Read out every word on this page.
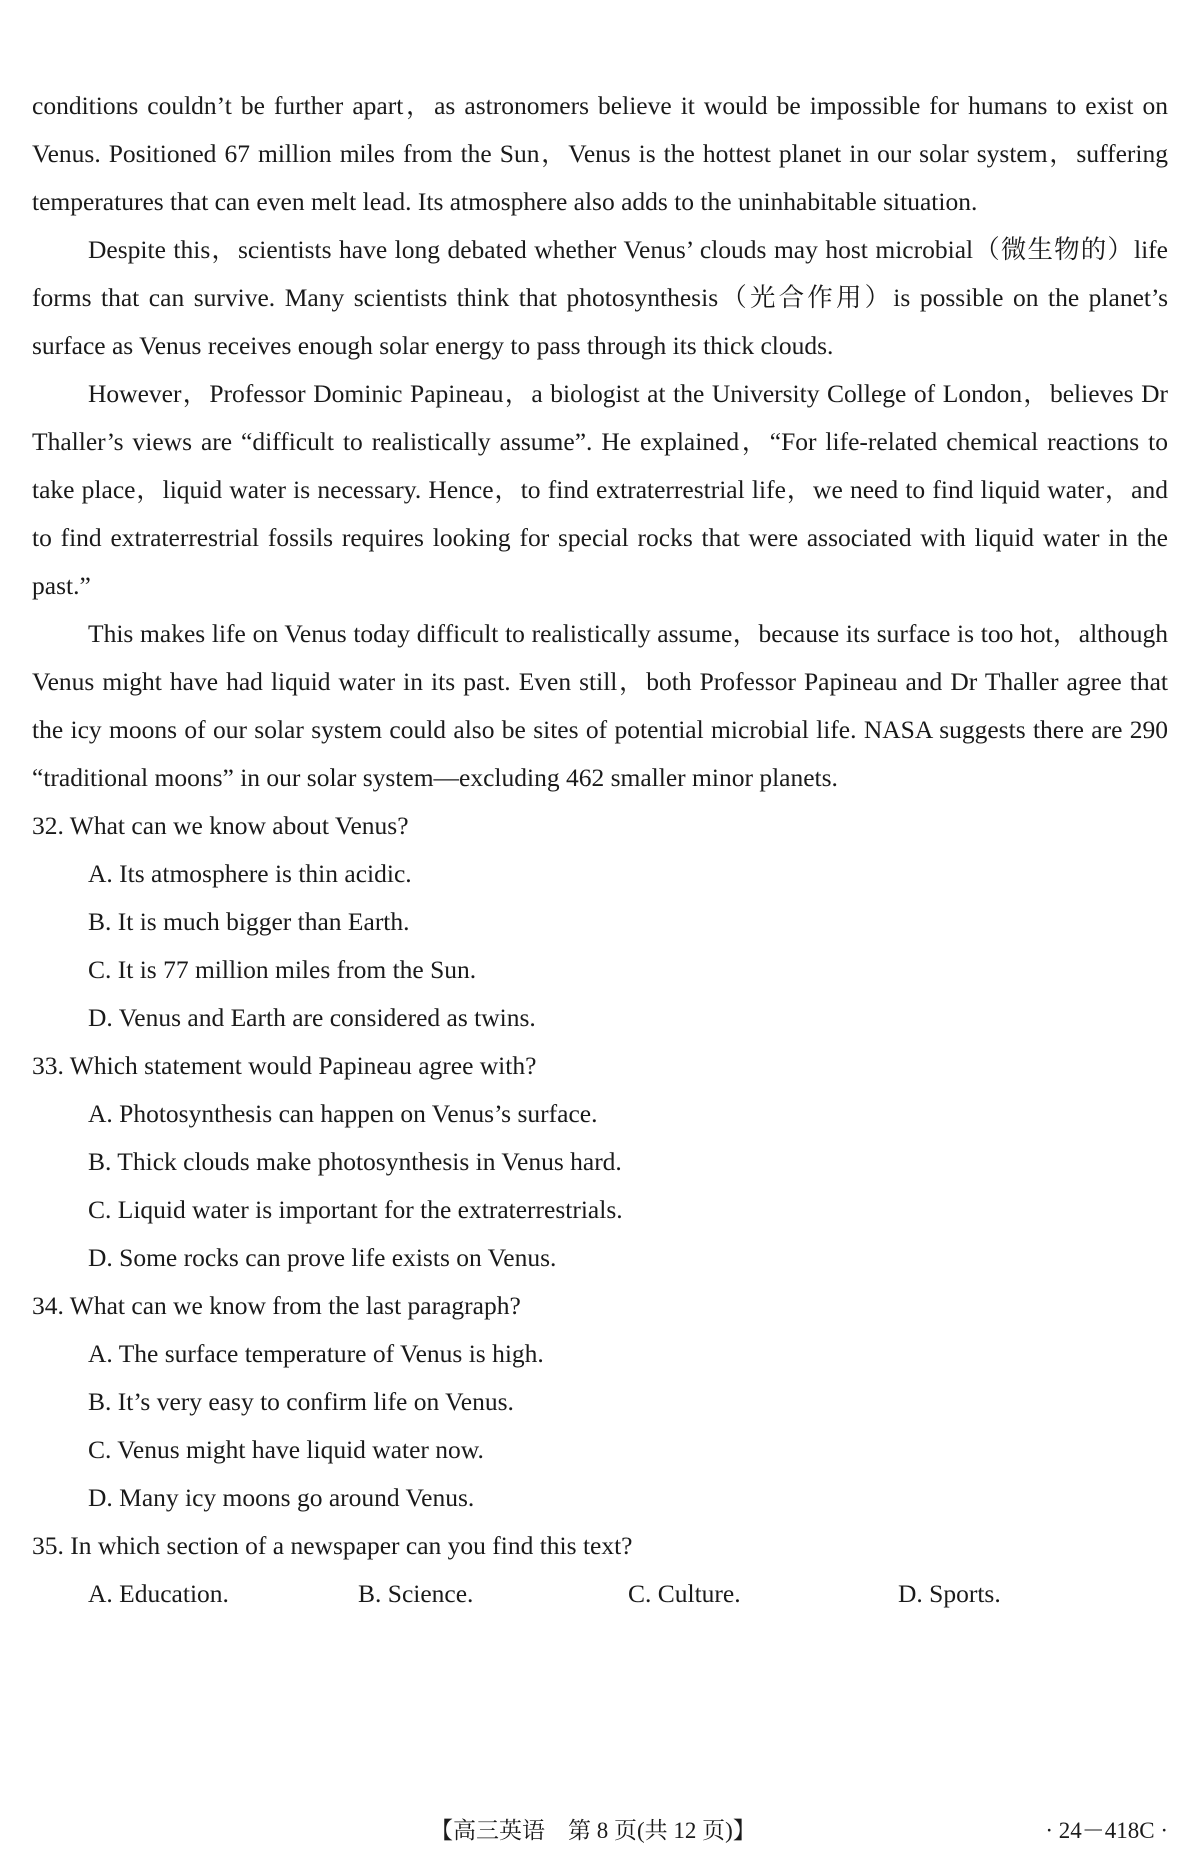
conditions couldn’t be further apart，as astronomers believe it would be impossible for humans to exist on Venus. Positioned 67 million miles from the Sun，Venus is the hottest planet in our solar system，suffering temperatures that can even melt lead. Its atmosphere also adds to the uninhabitable situation.

Despite this，scientists have long debated whether Venus’ clouds may host microbial（微生物的）life forms that can survive. Many scientists think that photosynthesis（光合作用）is possible on the planet’s surface as Venus receives enough solar energy to pass through its thick clouds.

However，Professor Dominic Papineau，a biologist at the University College of London，believes Dr Thaller’s views are “difficult to realistically assume”. He explained，“For life-related chemical reactions to take place，liquid water is necessary. Hence，to find extraterrestrial life，we need to find liquid water，and to find extraterrestrial fossils requires looking for special rocks that were associated with liquid water in the past.”

This makes life on Venus today difficult to realistically assume，because its surface is too hot，although Venus might have had liquid water in its past. Even still，both Professor Papineau and Dr Thaller agree that the icy moons of our solar system could also be sites of potential microbial life. NASA suggests there are 290 “traditional moons” in our solar system—excluding 462 smaller minor planets.

32. What can we know about Venus?

A. Its atmosphere is thin acidic.

B. It is much bigger than Earth.

C. It is 77 million miles from the Sun.

D. Venus and Earth are considered as twins.

33. Which statement would Papineau agree with?

A. Photosynthesis can happen on Venus’s surface.

B. Thick clouds make photosynthesis in Venus hard.

C. Liquid water is important for the extraterrestrials.

D. Some rocks can prove life exists on Venus.

34. What can we know from the last paragraph?

A. The surface temperature of Venus is high.

B. It’s very easy to confirm life on Venus.

C. Venus might have liquid water now.

D. Many icy moons go around Venus.

35. In which section of a newspaper can you find this text?

A. Education.	B. Science.	C. Culture.	D. Sports.
【高三英语　第 8 页(共 12 页)】	· 24－418C ·
